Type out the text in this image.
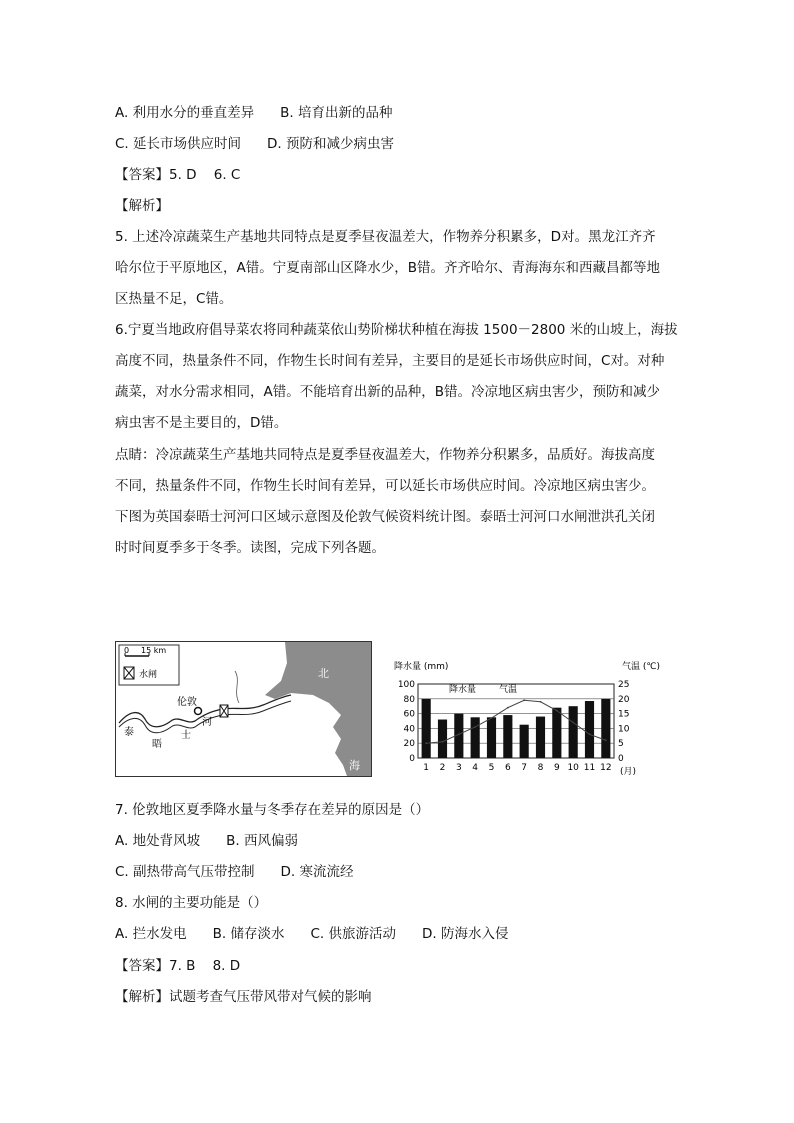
A. 利用水分的垂直差异 B. 培育出新的品种
C. 延长市场供应时间 D. 预防和减少病虫害
【答案】5. D    6. C
【解析】
5. 上述冷凉蔬菜生产基地共同特点是夏季昼夜温差大，作物养分积累多，D对。黑龙江齐齐
哈尔位于平原地区，A错。宁夏南部山区降水少，B错。齐齐哈尔、青海海东和西藏昌都等地
区热量不足，C错。
6.宁夏当地政府倡导菜农将同种蔬菜依山势阶梯状种植在海拔 1500－2800 米的山坡上，海拔
高度不同，热量条件不同，作物生长时间有差异，主要目的是延长市场供应时间，C对。对种
蔬菜，对水分需求相同，A错。不能培育出新的品种，B错。冷凉地区病虫害少，预防和减少
病虫害不是主要目的，D错。
点睛：冷凉蔬菜生产基地共同特点是夏季昼夜温差大，作物养分积累多，品质好。海拔高度
不同，热量条件不同，作物生长时间有差异，可以延长市场供应时间。冷凉地区病虫害少。
下图为英国泰晤士河河口区域示意图及伦敦气候资料统计图。泰晤士河河口水闸泄洪孔关闭
时时间夏季多于冬季。读图，完成下列各题。
0 15 km
水闸
伦敦
泰
晤
士
河
北
海
降水量 (mm)	气温 (℃)
0	0
20	5
40	10
60	15
80	20
100	25
1 2 3 4 5 6 7 8 9 10 11 12
降水量	气温
(月)
7. 伦敦地区夏季降水量与冬季存在差异的原因是（）
A. 地处背风坡 B. 西风偏弱
C. 副热带高气压带控制 D. 寒流流经
8. 水闸的主要功能是（）
A. 拦水发电 B. 储存淡水 C. 供旅游活动 D. 防海水入侵
【答案】7. B    8. D
【解析】试题考查气压带风带对气候的影响
